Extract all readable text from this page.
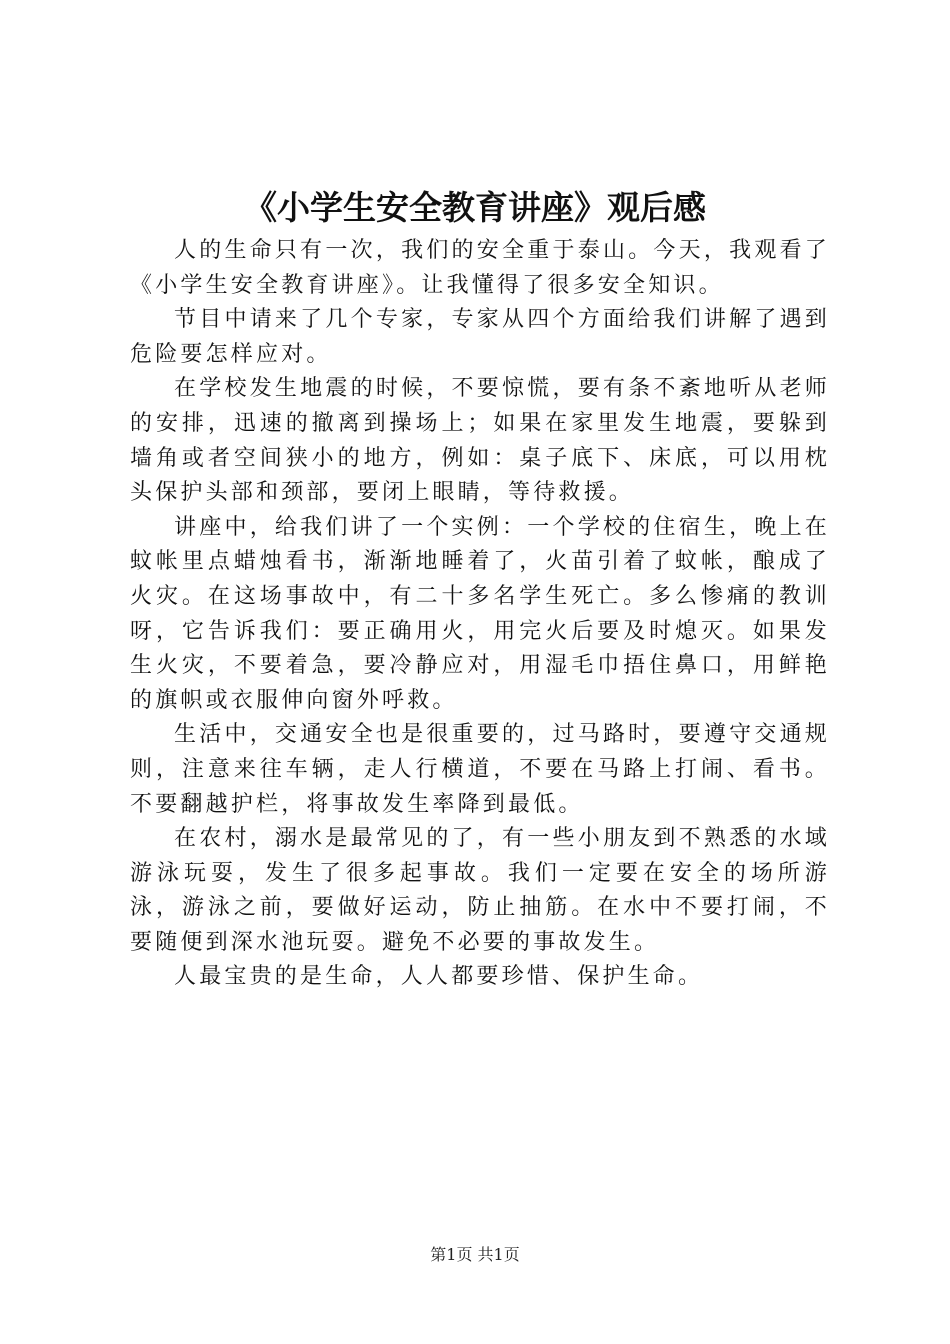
《小学生安全教育讲座》观后感

人的生命只有一次，我们的安全重于泰山。今天，我观看了《小学生安全教育讲座》。让我懂得了很多安全知识。

节目中请来了几个专家，专家从四个方面给我们讲解了遇到危险要怎样应对。

在学校发生地震的时候，不要惊慌，要有条不紊地听从老师的安排，迅速的撤离到操场上；如果在家里发生地震，要躲到墙角或者空间狭小的地方，例如：桌子底下、床底，可以用枕头保护头部和颈部，要闭上眼睛，等待救援。

讲座中，给我们讲了一个实例：一个学校的住宿生，晚上在蚊帐里点蜡烛看书，渐渐地睡着了，火苗引着了蚊帐，酿成了火灾。在这场事故中，有二十多名学生死亡。多么惨痛的教训呀，它告诉我们：要正确用火，用完火后要及时熄灭。如果发生火灾，不要着急，要冷静应对，用湿毛巾捂住鼻口，用鲜艳的旗帜或衣服伸向窗外呼救。

生活中，交通安全也是很重要的，过马路时，要遵守交通规则，注意来往车辆，走人行横道，不要在马路上打闹、看书。不要翻越护栏，将事故发生率降到最低。

在农村，溺水是最常见的了，有一些小朋友到不熟悉的水域游泳玩耍，发生了很多起事故。我们一定要在安全的场所游泳，游泳之前，要做好运动，防止抽筋。在水中不要打闹，不要随便到深水池玩耍。避免不必要的事故发生。

人最宝贵的是生命，人人都要珍惜、保护生命。

第1页 共1页
